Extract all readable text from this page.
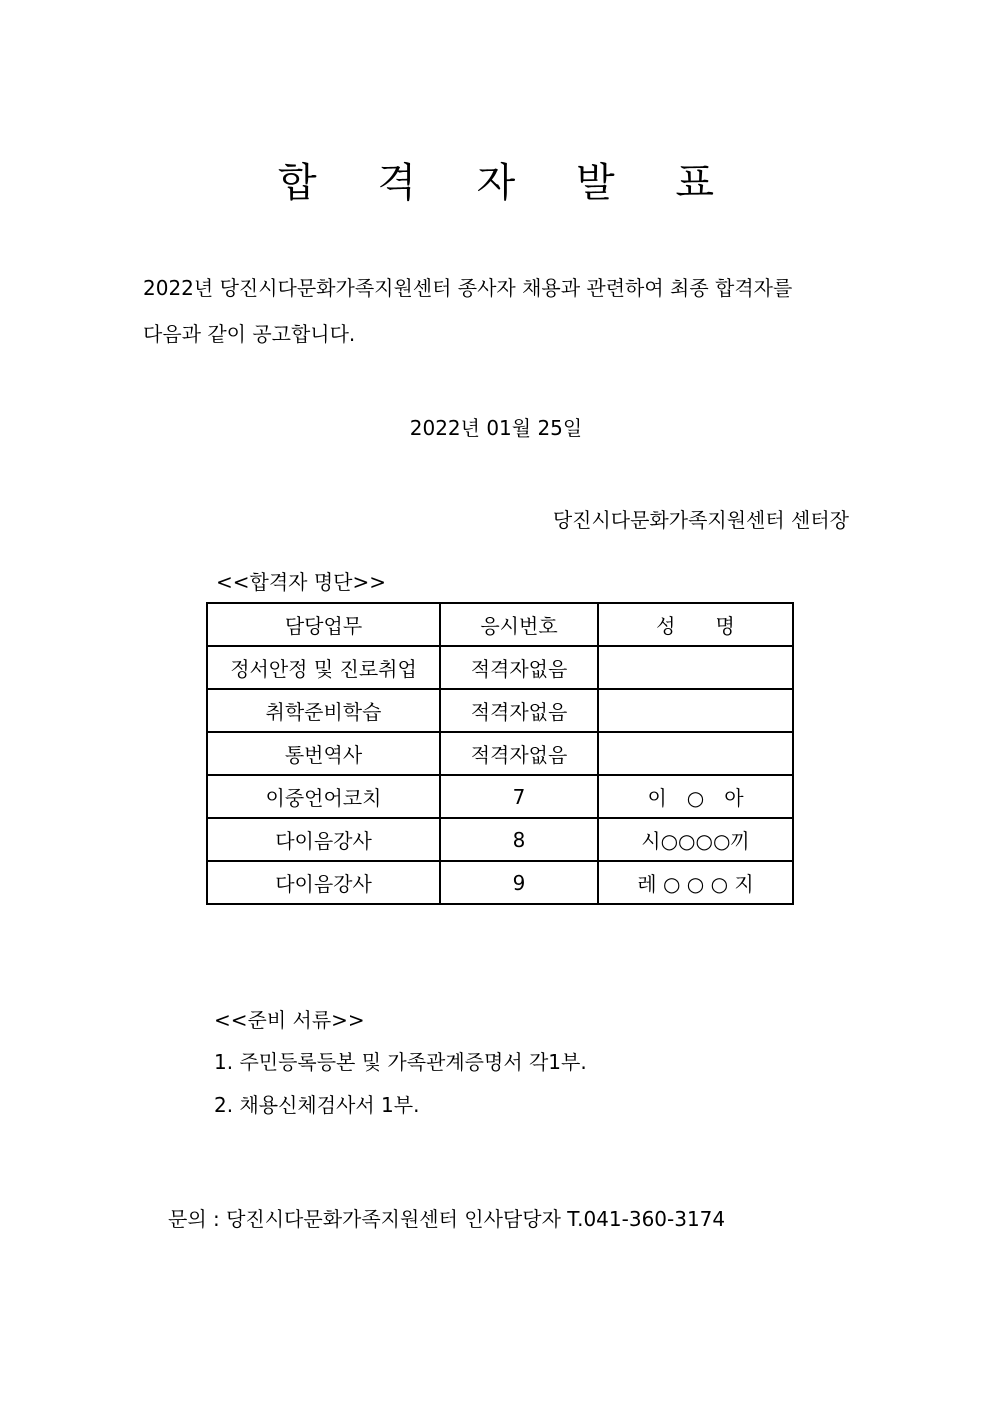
합 격 자 발 표
2022년 당진시다문화가족지원센터 종사자 채용과 관련하여 최종 합격자를
다음과 같이 공고합니다.
2022년 01월 25일
당진시다문화가족지원센터 센터장
<<합격자 명단>>
담당업무	응시번호	성　　명
정서안정 및 진로취업	적격자없음	
취학준비학습	적격자없음	
통번역사	적격자없음	
이중언어코치	7	이　○　아
다이음강사	8	시○○○○끼
다이음강사	9	레 ○ ○ ○ 지
<<준비 서류>>
1. 주민등록등본 및 가족관계증명서 각1부.
2. 채용신체검사서 1부.
문의 : 당진시다문화가족지원센터 인사담당자 T.041-360-3174
